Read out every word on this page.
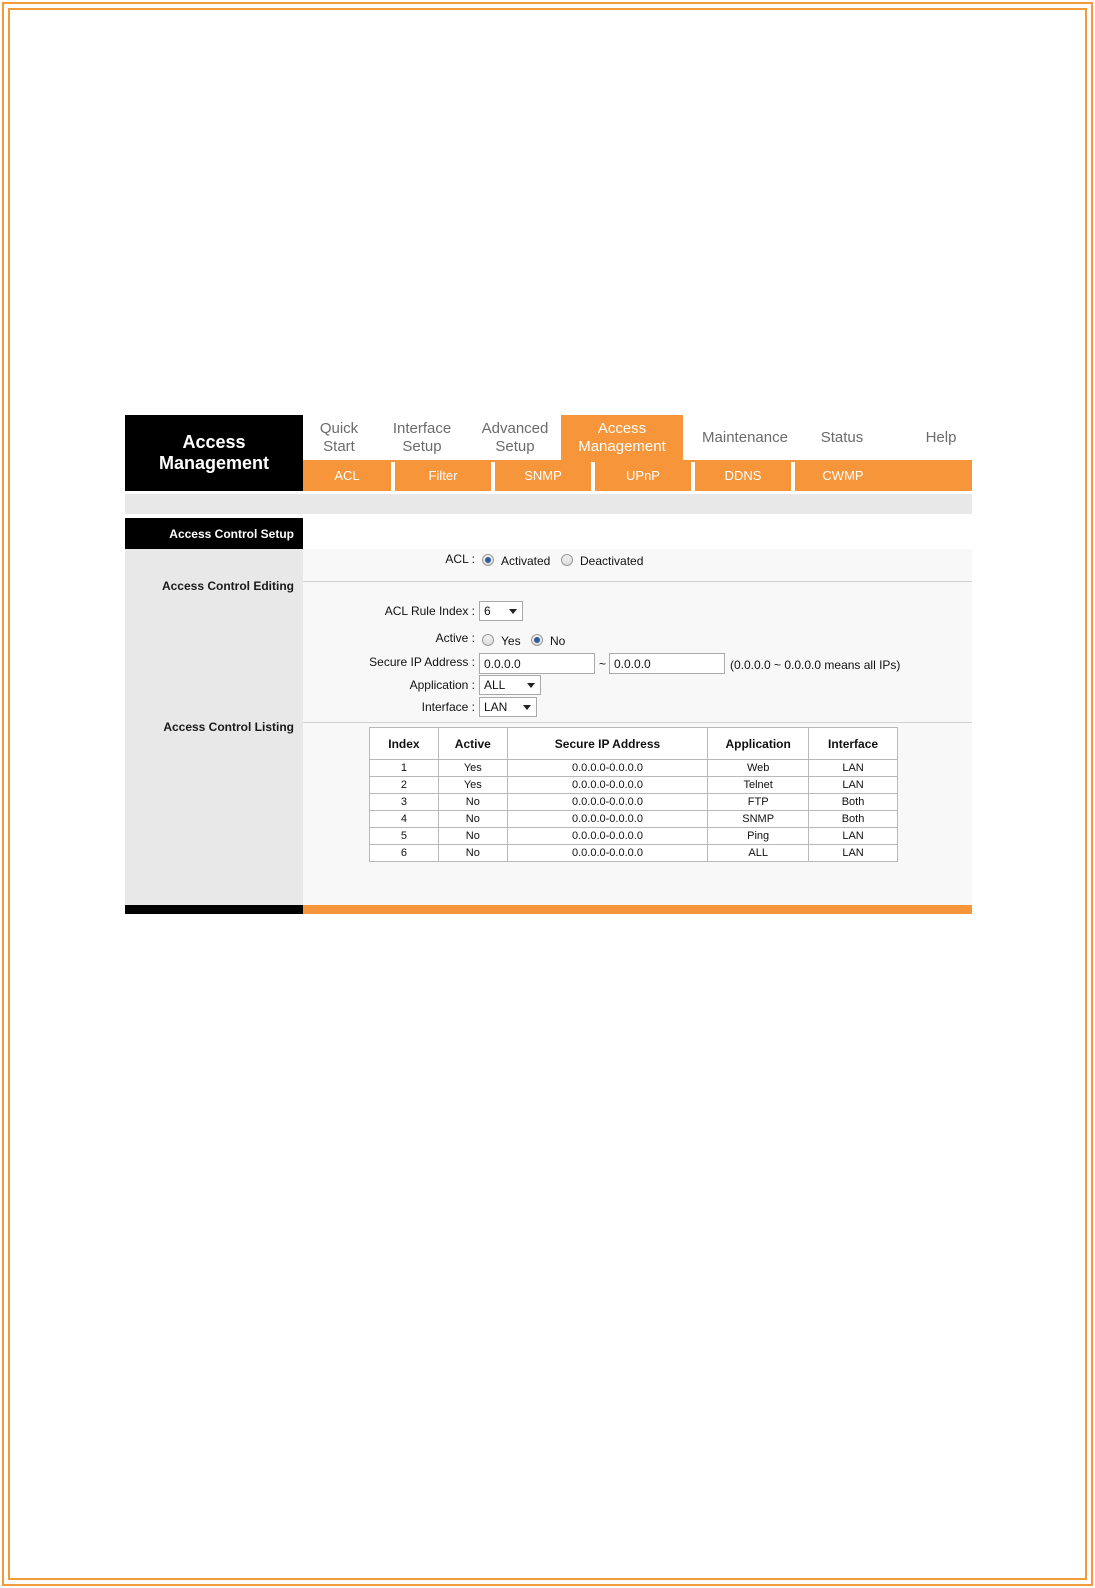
Access
Management
Quick
Start
Interface
Setup
Advanced
Setup
Access
Management
Maintenance Status	Help
ACL	Filter	SNMP	UPnP	DDNS	CWMP
Access Control Setup
Access Control Editing
Access Control Listing
ACL : Activated Deactivated
ACL Rule Index : 6
Active : Yes No
Secure IP Address :
0.0.0.0	~
0.0.0.0	(0.0.0.0 ~ 0.0.0.0 means all IPs)
Application : ALL
Interface : LAN
Index	Active	Secure IP Address	Application	Interface
1	Yes	0.0.0.0-0.0.0.0	Web	LAN
2	Yes	0.0.0.0-0.0.0.0	Telnet	LAN
3	No	0.0.0.0-0.0.0.0	FTP	Both
4	No	0.0.0.0-0.0.0.0	SNMP	Both
5	No	0.0.0.0-0.0.0.0	Ping	LAN
6	No	0.0.0.0-0.0.0.0	ALL	LAN
